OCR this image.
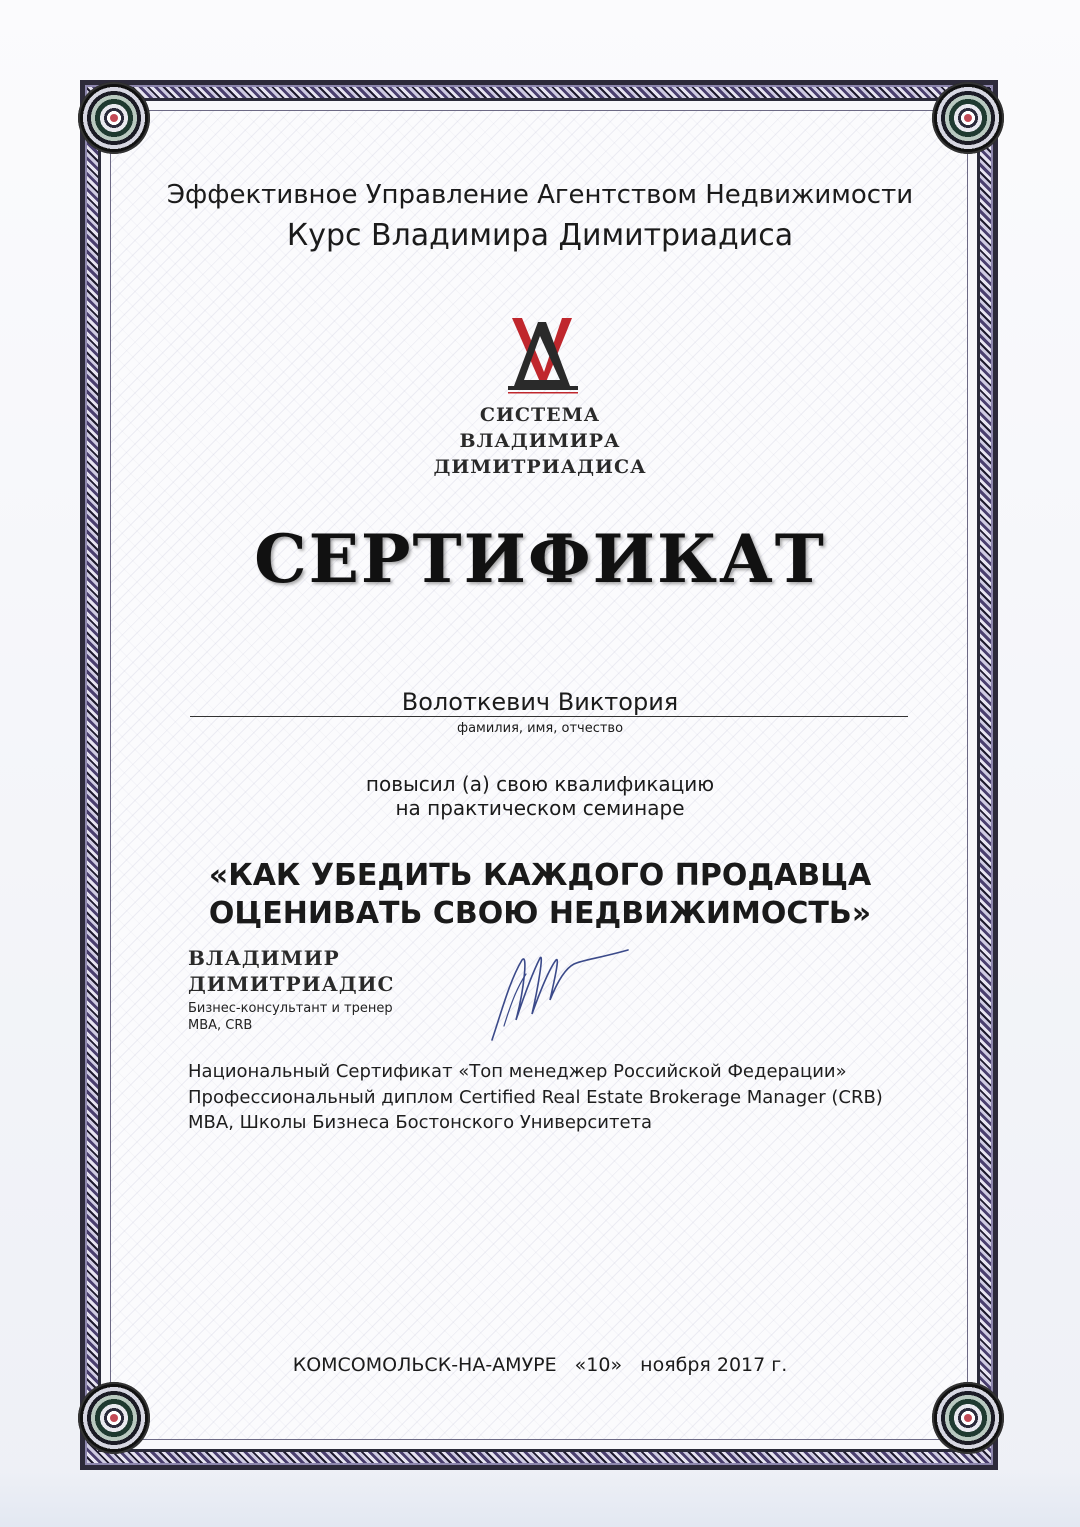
Эффективное Управление Агентством Недвижимости
Курс Владимира Димитриадиса
СИСТЕМА
ВЛАДИМИРА
ДИМИТРИАДИСА
СЕРТИФИКАТ
Волоткевич Виктория
фамилия, имя, отчество
повысил (а) свою квалификацию
на практическом семинаре
«КАК УБЕДИТЬ КАЖДОГО ПРОДАВЦА
ОЦЕНИВАТЬ СВОЮ НЕДВИЖИМОСТЬ»
ВЛАДИМИР
ДИМИТРИАДИС
Бизнес-консультант и тренер
MBA, CRB
Национальный Сертификат «Топ менеджер Российской Федерации»
Профессиональный диплом Certified Real Estate Brokerage Manager (CRB)
MBA, Школы Бизнеса Бостонского Университета
КОМСОМОЛЬСК-НА-АМУРЕ «10» ноября 2017 г.
